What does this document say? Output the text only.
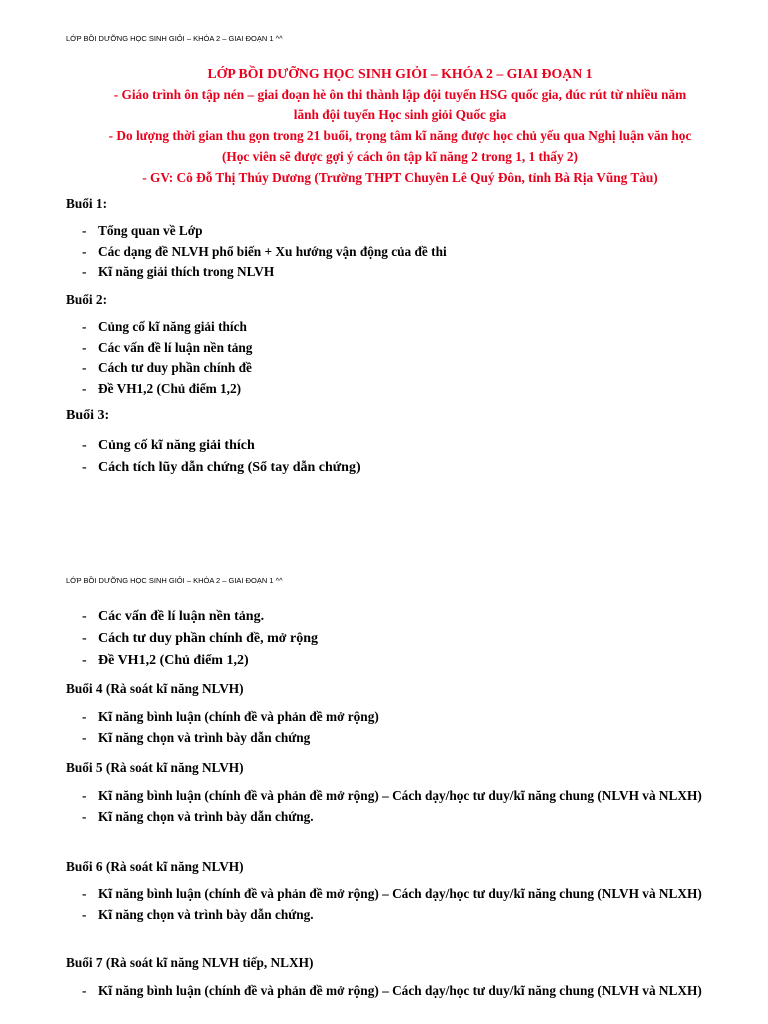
LỚP BỒI DƯỠNG HỌC SINH GIỎI – KHÓA 2 – GIAI ĐOẠN 1 ^^
LỚP BỒI DƯỠNG HỌC SINH GIỎI – KHÓA 2 – GIAI ĐOẠN 1
- Giáo trình ôn tập nén – giai đoạn hè ôn thi thành lập đội tuyển HSG quốc gia, đúc rút từ nhiều năm
lãnh đội tuyển Học sinh giỏi Quốc gia
- Do lượng thời gian thu gọn trong 21 buổi, trọng tâm kĩ năng được học chủ yếu qua Nghị luận văn học
(Học viên sẽ được gợi ý cách ôn tập kĩ năng 2 trong 1, 1 thấy 2)
- GV: Cô Đỗ Thị Thúy Dương (Trường THPT Chuyên Lê Quý Đôn, tỉnh Bà Rịa Vũng Tàu)
Buổi 1:
- Tổng quan về Lớp
- Các dạng đề NLVH phổ biến + Xu hướng vận động của đề thi
- Kĩ năng giải thích trong NLVH
Buổi 2:
- Củng cố kĩ năng giải thích
- Các vấn đề lí luận nền tảng
- Cách tư duy phần chính đề
- Đề VH1,2 (Chủ điểm 1,2)
Buổi 3:
- Củng cố kĩ năng giải thích
- Cách tích lũy dẫn chứng (Sổ tay dẫn chứng)
LỚP BỒI DƯỠNG HỌC SINH GIỎI – KHÓA 2 – GIAI ĐOẠN 1 ^^
- Các vấn đề lí luận nền tảng.
- Cách tư duy phần chính đề, mở rộng
- Đề VH1,2 (Chủ điểm 1,2)
Buổi 4 (Rà soát kĩ năng NLVH)
- Kĩ năng bình luận (chính đề và phản đề mở rộng)
- Kĩ năng chọn và trình bày dẫn chứng
Buổi 5 (Rà soát kĩ năng NLVH)
- Kĩ năng bình luận (chính đề và phản đề mở rộng) – Cách dạy/học tư duy/kĩ năng chung (NLVH và NLXH)
- Kĩ năng chọn và trình bày dẫn chứng.
Buổi 6 (Rà soát kĩ năng NLVH)
- Kĩ năng bình luận (chính đề và phản đề mở rộng) – Cách dạy/học tư duy/kĩ năng chung (NLVH và NLXH)
- Kĩ năng chọn và trình bày dẫn chứng.
Buổi 7 (Rà soát kĩ năng NLVH tiếp, NLXH)
- Kĩ năng bình luận (chính đề và phản đề mở rộng) – Cách dạy/học tư duy/kĩ năng chung (NLVH và NLXH)
